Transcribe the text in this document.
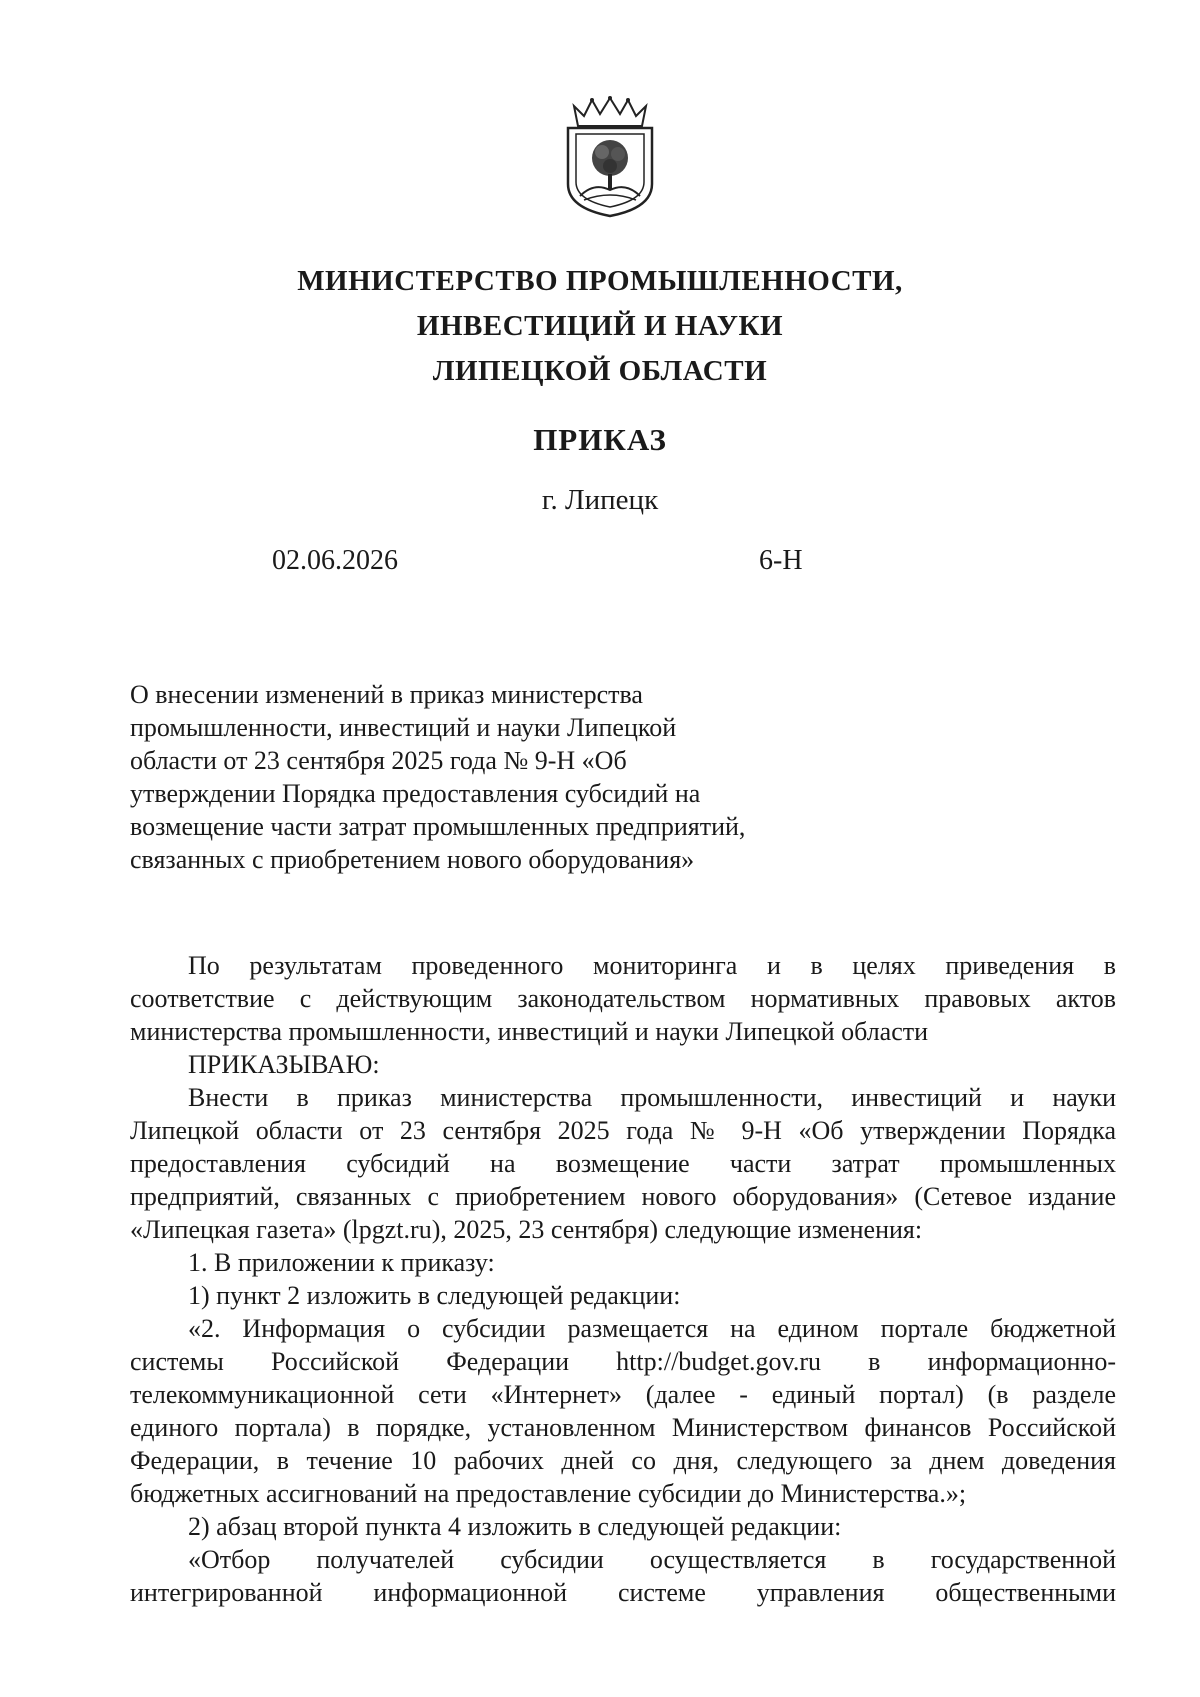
МИНИСТЕРСТВО ПРОМЫШЛЕННОСТИ,
ИНВЕСТИЦИЙ И НАУКИ
ЛИПЕЦКОЙ ОБЛАСТИ
ПРИКАЗ
г. Липецк
02.06.2026	6-Н
О внесении изменений в приказ министерства
промышленности, инвестиций и науки Липецкой
области от 23 сентября 2025 года № 9-Н «Об
утверждении Порядка предоставления субсидий на
возмещение части затрат промышленных предприятий,
связанных с приобретением нового оборудования»
По результатам проведенного мониторинга и в целях приведения в
соответствие с действующим законодательством нормативных правовых актов
министерства промышленности, инвестиций и науки Липецкой области
ПРИКАЗЫВАЮ:
Внести в приказ министерства промышленности, инвестиций и науки
Липецкой области от 23 сентября 2025 года № 9-Н «Об утверждении Порядка
предоставления субсидий на возмещение части затрат промышленных
предприятий, связанных с приобретением нового оборудования» (Сетевое издание
«Липецкая газета» (lpgzt.ru), 2025, 23 сентября) следующие изменения:
1. В приложении к приказу:
1) пункт 2 изложить в следующей редакции:
«2. Информация о субсидии размещается на едином портале бюджетной
системы Российской Федерации http://budget.gov.ru в информационно-
телекоммуникационной сети «Интернет» (далее - единый портал) (в разделе
единого портала) в порядке, установленном Министерством финансов Российской
Федерации, в течение 10 рабочих дней со дня, следующего за днем доведения
бюджетных ассигнований на предоставление субсидии до Министерства.»;
2) абзац второй пункта 4 изложить в следующей редакции:
«Отбор получателей субсидии осуществляется в государственной
интегрированной информационной системе управления общественными
